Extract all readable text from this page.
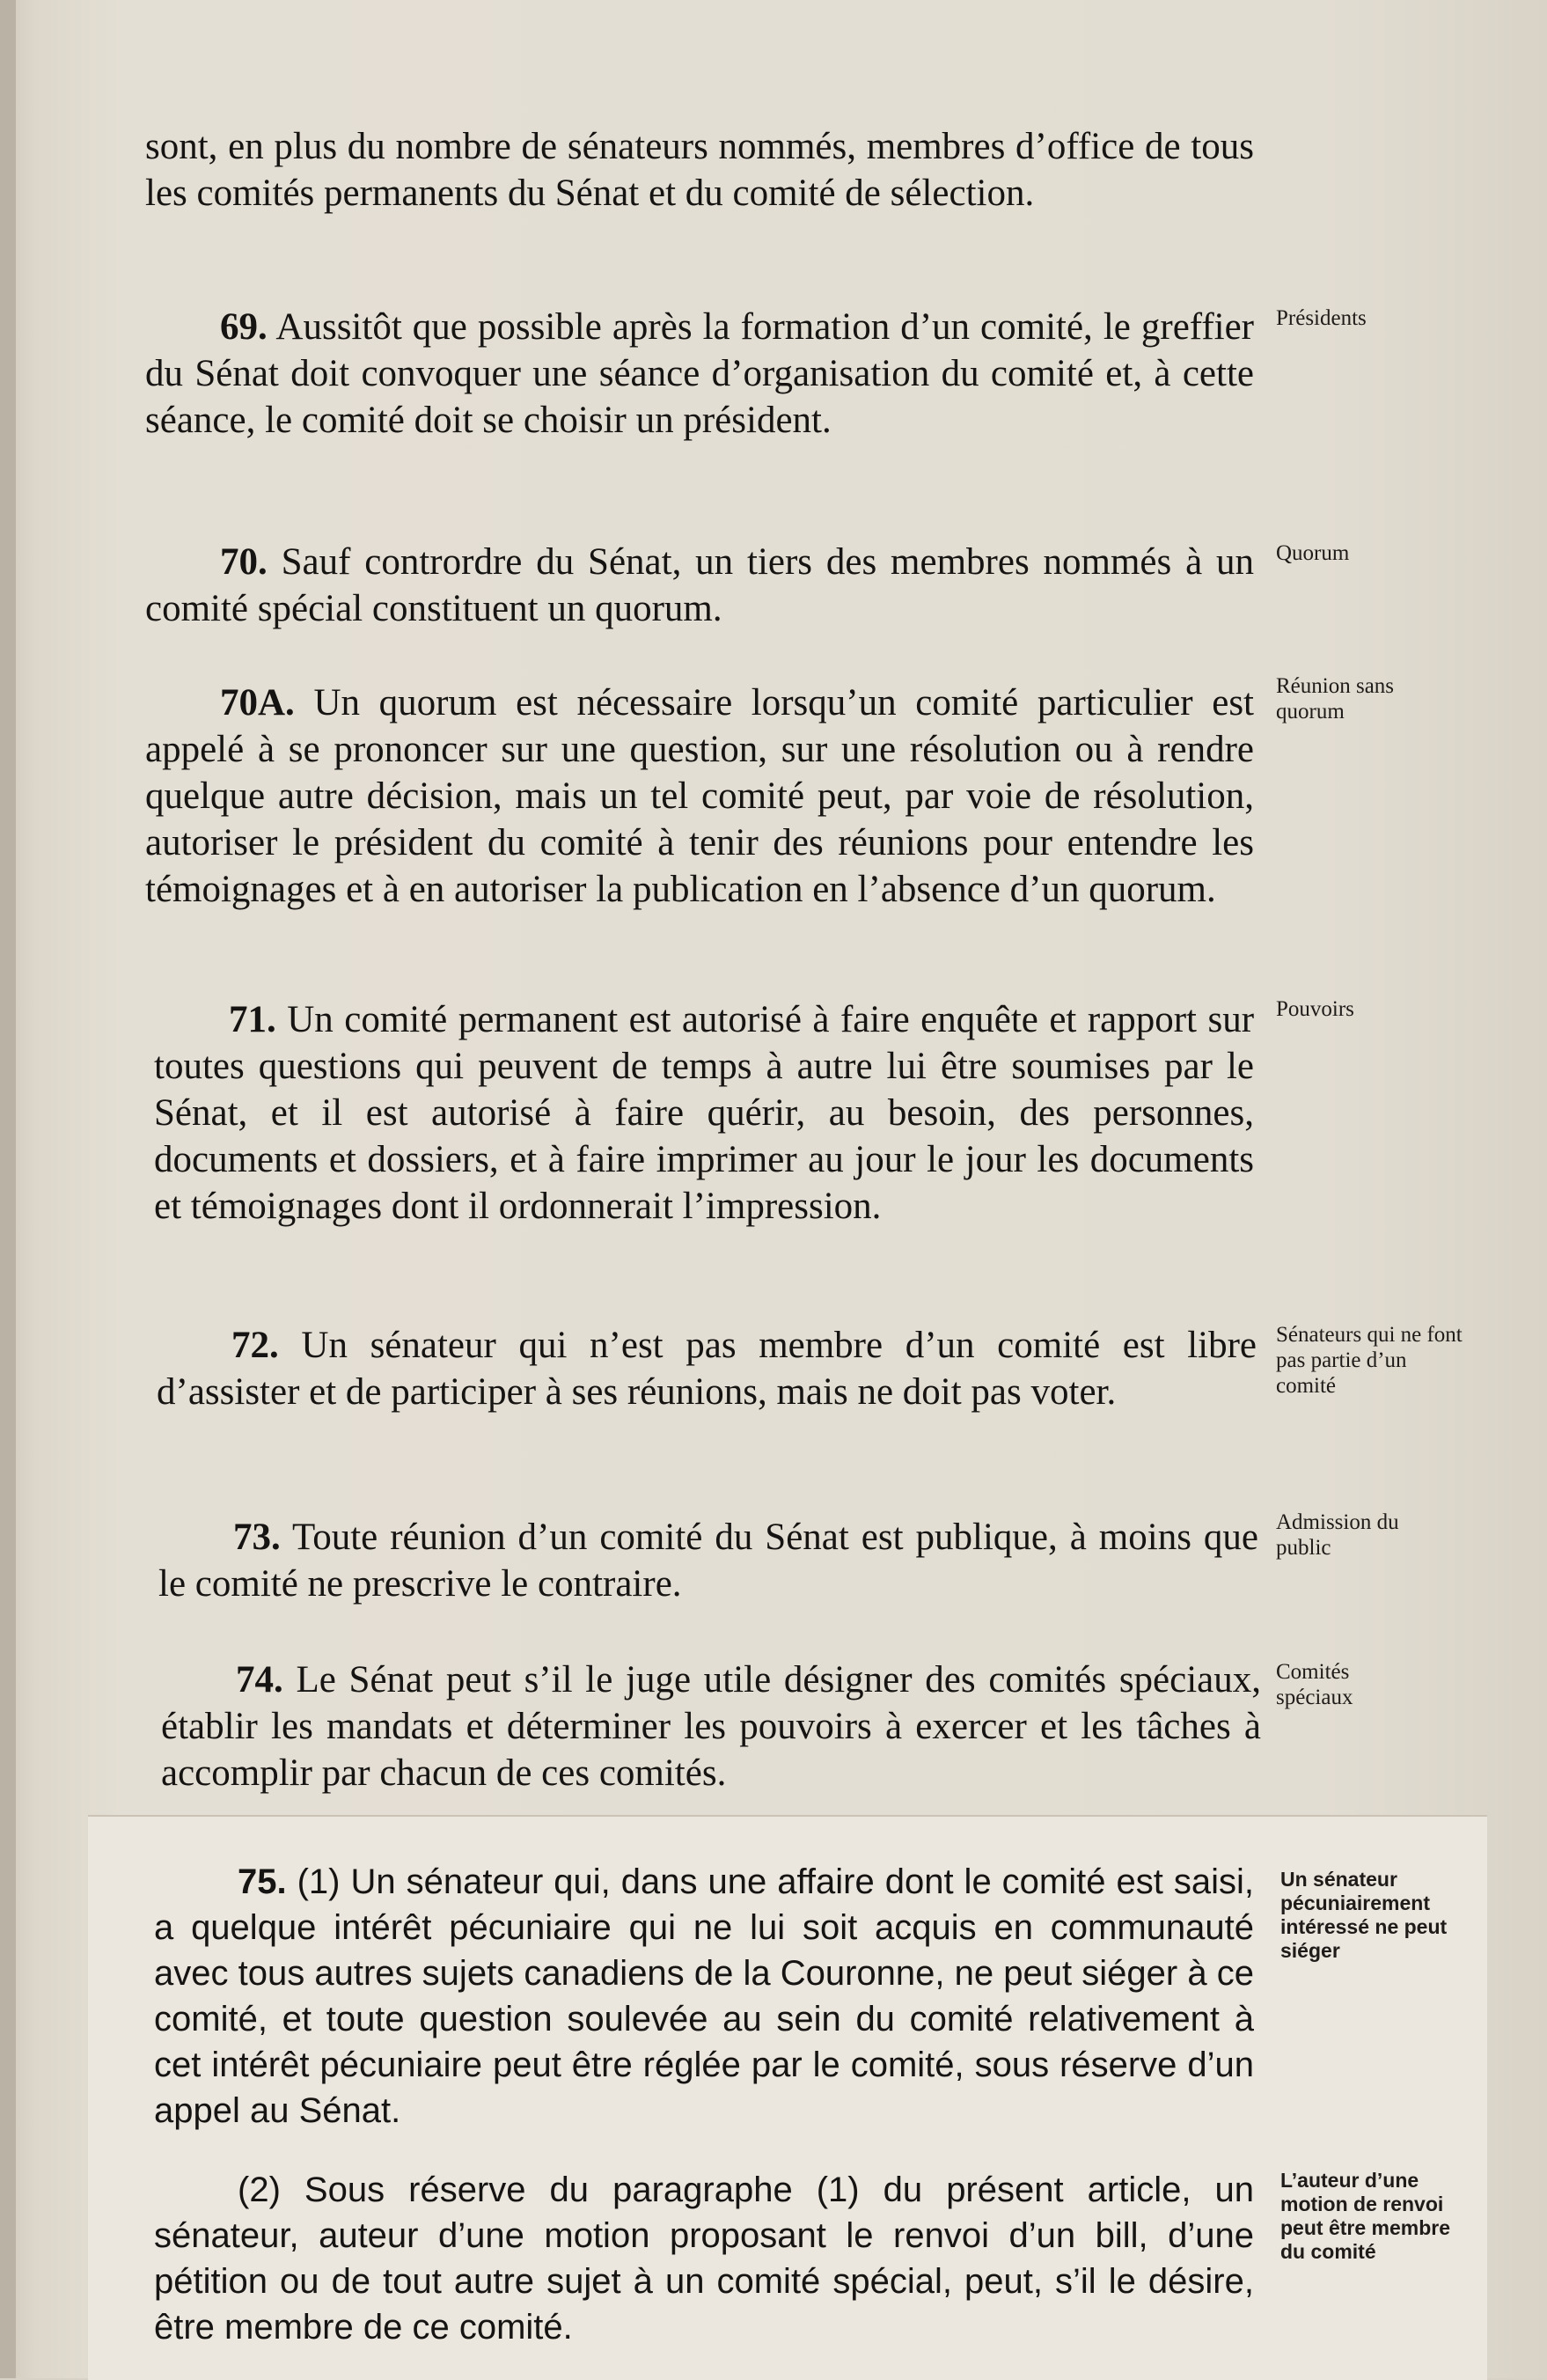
sont, en plus du nombre de sénateurs nommés, membres d’office de tous les comités permanents du Sénat et du comité de sélection.

69. Aussitôt que possible après la formation d’un comité, le greffier du Sénat doit convoquer une séance d’organisation du comité et, à cette séance, le comité doit se choisir un président.

Présidents

70. Sauf contrordre du Sénat, un tiers des membres nommés à un comité spécial constituent un quorum.

Quorum

70A. Un quorum est nécessaire lorsqu’un comité particulier est appelé à se prononcer sur une question, sur une résolution ou à rendre quelque autre décision, mais un tel comité peut, par voie de résolution, autoriser le président du comité à tenir des réunions pour entendre les témoignages et à en autoriser la publication en l’absence d’un quorum.

Réunion sans quorum

71. Un comité permanent est autorisé à faire enquête et rapport sur toutes questions qui peuvent de temps à autre lui être soumises par le Sénat, et il est autorisé à faire quérir, au besoin, des personnes, documents et dossiers, et à faire imprimer au jour le jour les documents et témoignages dont il ordonnerait l’impression.

Pouvoirs

72. Un sénateur qui n’est pas membre d’un comité est libre d’assister et de participer à ses réunions, mais ne doit pas voter.

Sénateurs qui ne font pas partie d’un comité

73. Toute réunion d’un comité du Sénat est publique, à moins que le comité ne prescrive le contraire.

Admission du public

74. Le Sénat peut s’il le juge utile désigner des comités spéciaux, établir les mandats et déterminer les pouvoirs à exercer et les tâches à accomplir par chacun de ces comités.

Comités spéciaux

75. (1) Un sénateur qui, dans une affaire dont le comité est saisi, a quelque intérêt pécuniaire qui ne lui soit acquis en communauté avec tous autres sujets canadiens de la Couronne, ne peut siéger à ce comité, et toute question soulevée au sein du comité relativement à cet intérêt pécuniaire peut être réglée par le comité, sous réserve d’un appel au Sénat.

Un sénateur pécuniairement intéressé ne peut siéger

(2) Sous réserve du paragraphe (1) du présent article, un sénateur, auteur d’une motion proposant le renvoi d’un bill, d’une pétition ou de tout autre sujet à un comité spécial, peut, s’il le désire, être membre de ce comité.

L’auteur d’une motion de renvoi peut être membre du comité
